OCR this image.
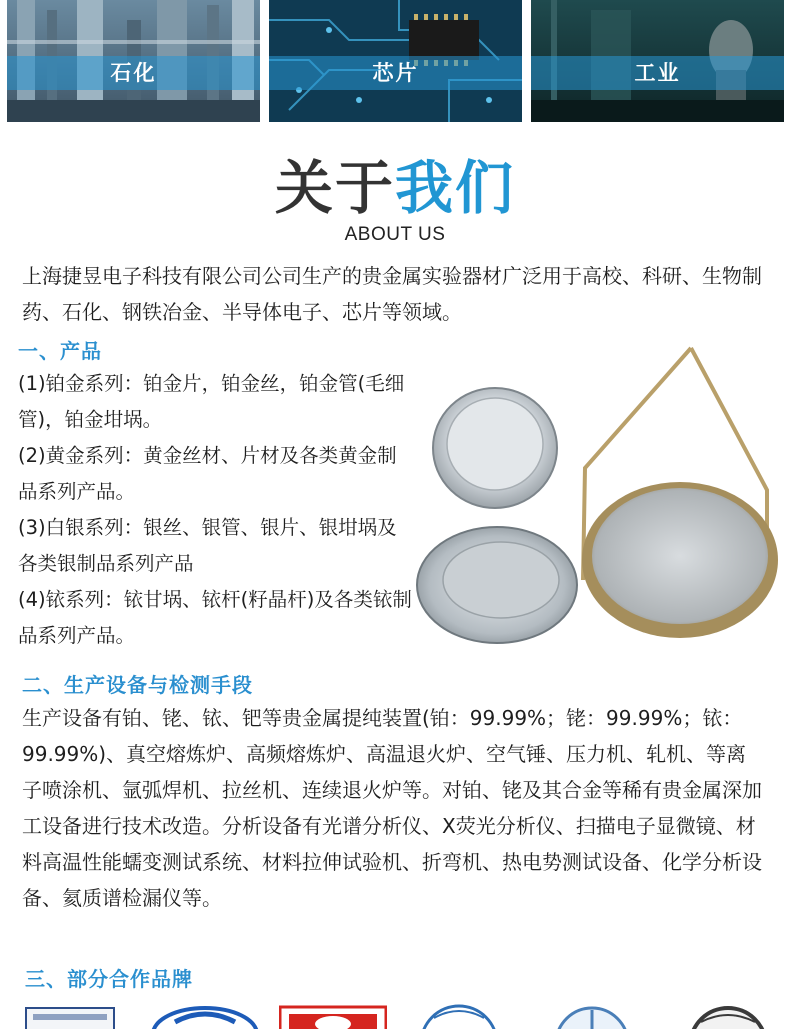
石化	芯片	工业
关于我们
ABOUT US
上海捷昱电子科技有限公司公司生产的贵金属实验器材广泛用于高校、科研、生物制药、石化、钢铁冶金、半导体电子、芯片等领域。
一、产品
(1)铂金系列：铂金片，铂金丝，铂金管(毛细管)，铂金坩埚。
(2)黄金系列：黄金丝材、片材及各类黄金制品系列产品。
(3)白银系列：银丝、银管、银片、银坩埚及各类银制品系列产品
(4)铱系列：铱甘埚、铱杆(籽晶杆)及各类铱制品系列产品。
二、生产设备与检测手段
生产设备有铂、铑、铱、钯等贵金属提纯装置(铂：99.99%；铑：99.99%；铱：99.99%)、真空熔炼炉、高频熔炼炉、高温退火炉、空气锤、压力机、轧机、等离子喷涂机、氩弧焊机、拉丝机、连续退火炉等。对铂、铑及其合金等稀有贵金属深加工设备进行技术改造。分析设备有光谱分析仪、X荧光分析仪、扫描电子显微镜、材料高温性能蠕变测试系统、材料拉伸试验机、折弯机、热电势测试设备、化学分析设备、氦质谱检漏仪等。
三、部分合作品牌
